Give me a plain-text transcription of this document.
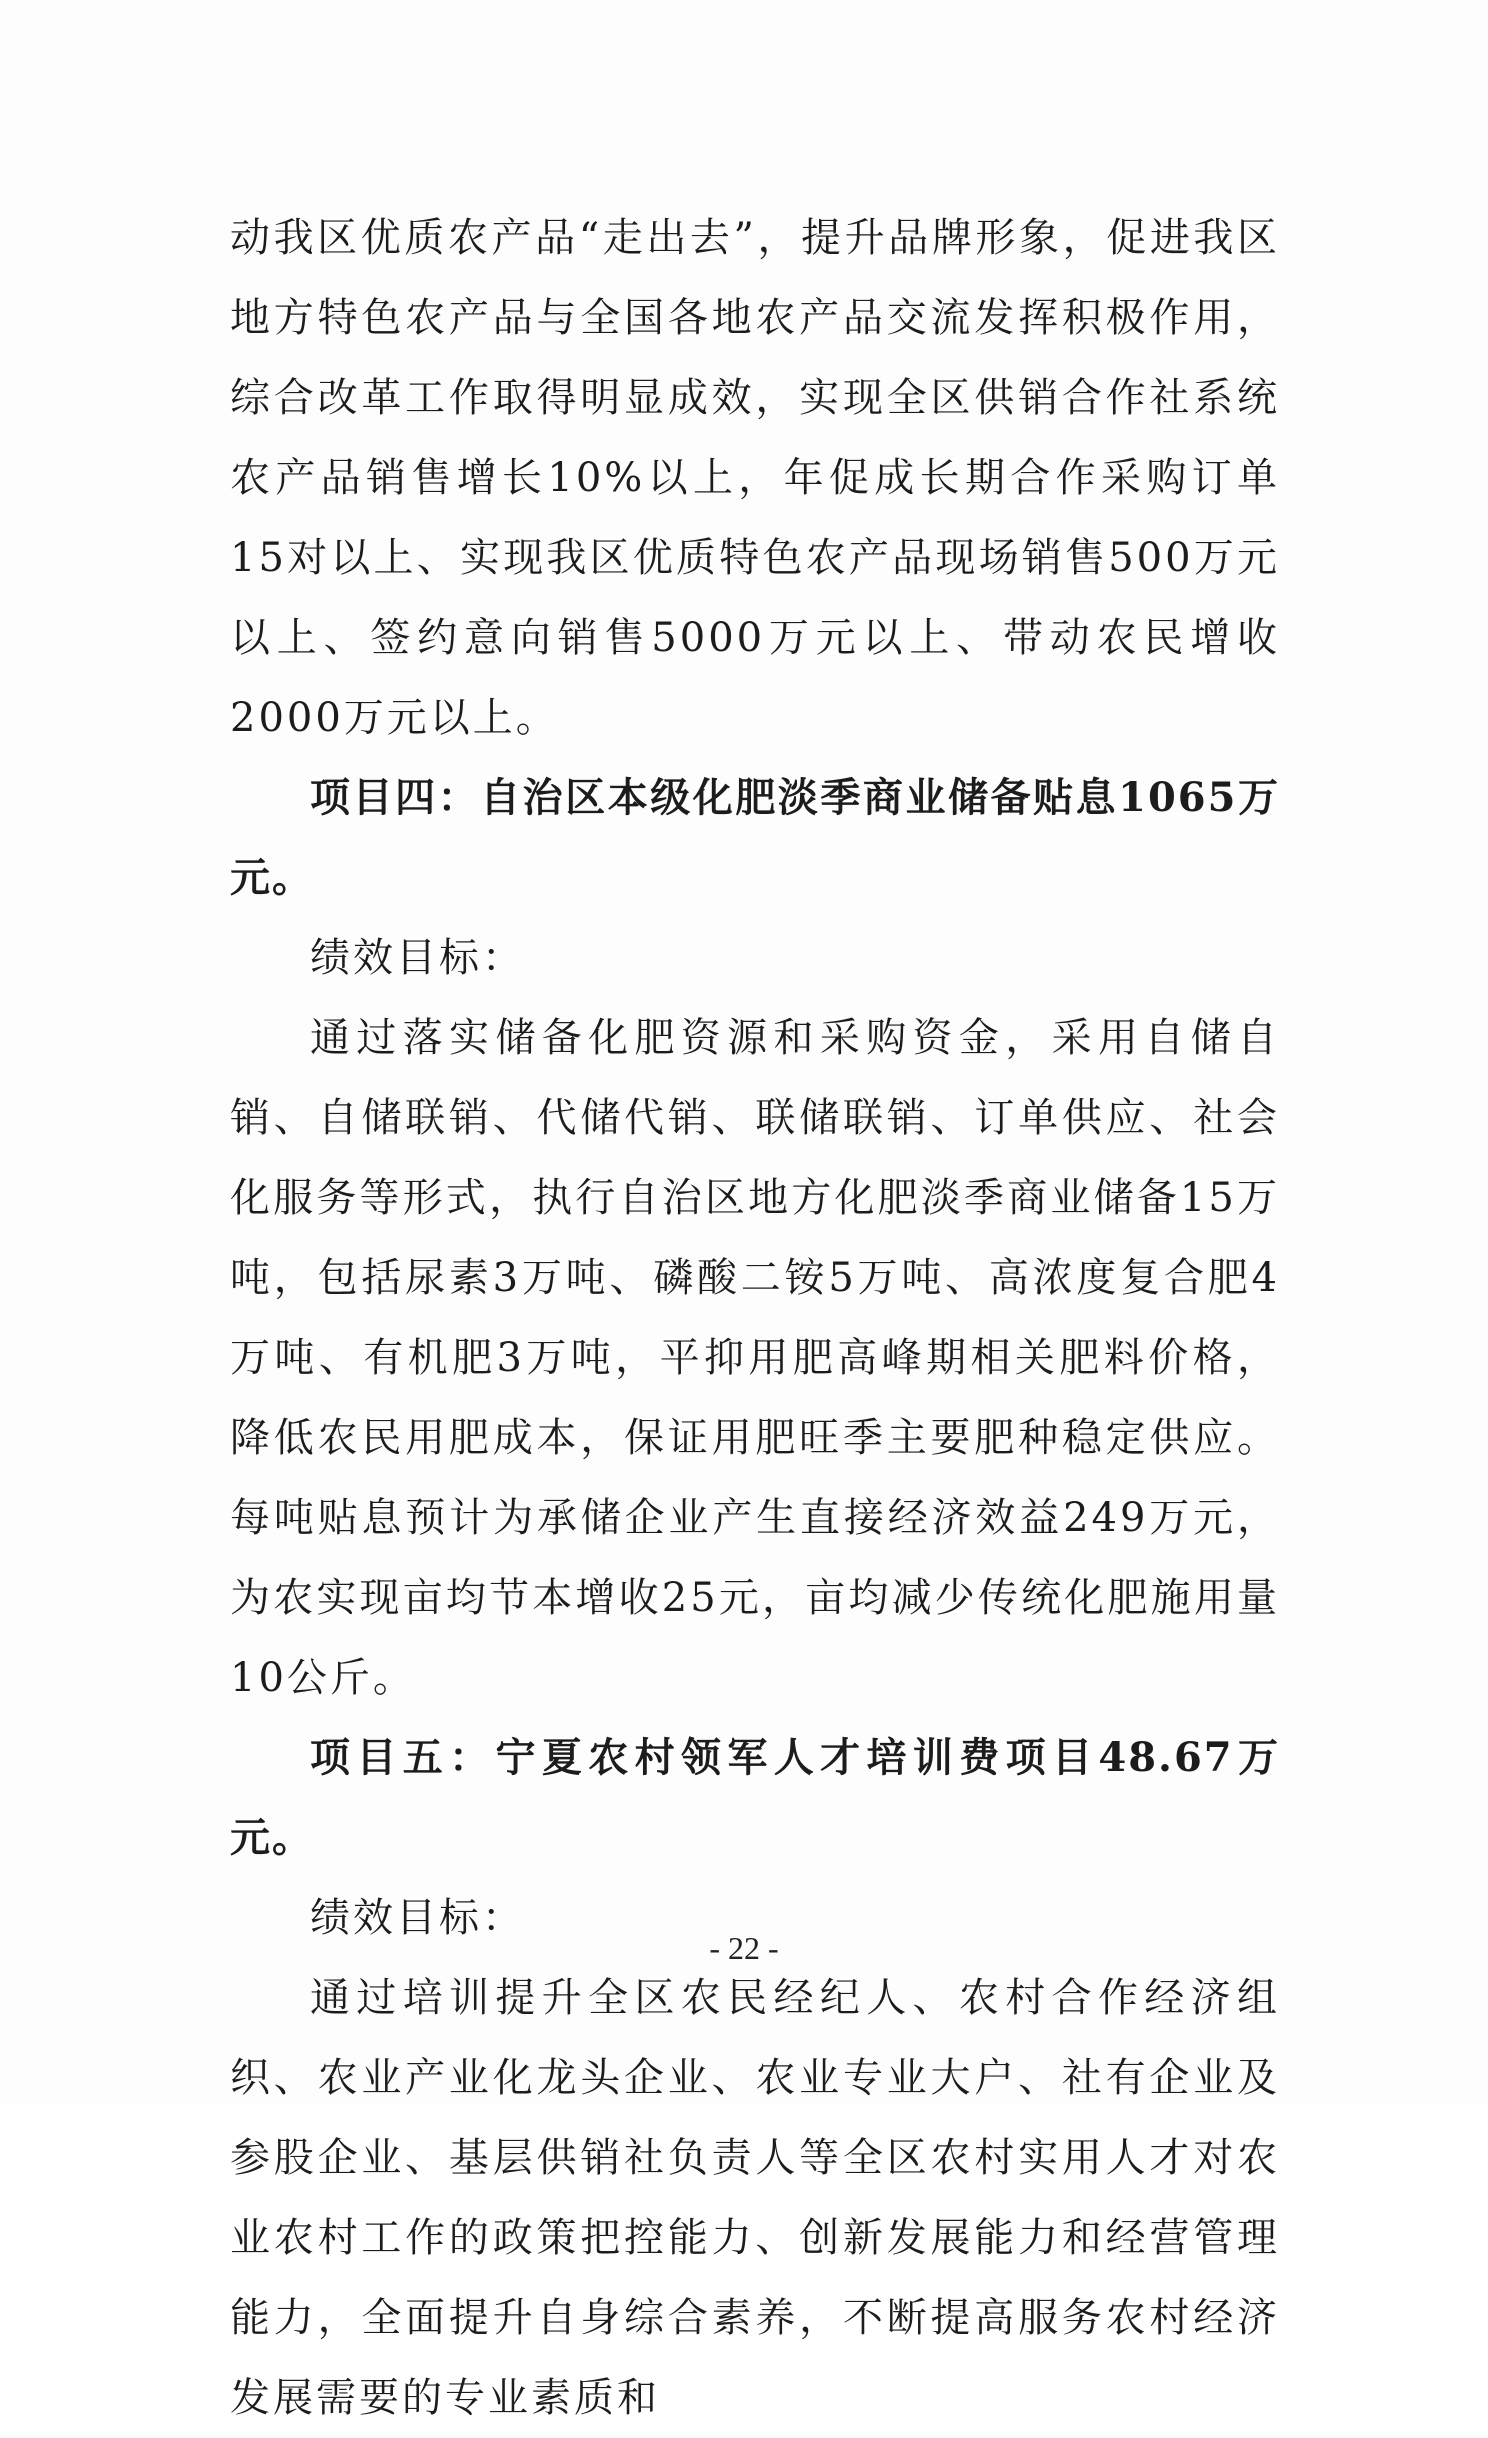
动我区优质农产品“走出去”，提升品牌形象，促进我区地方特色农产品与全国各地农产品交流发挥积极作用，综合改革工作取得明显成效，实现全区供销合作社系统农产品销售增长10%以上，年促成长期合作采购订单15对以上、实现我区优质特色农产品现场销售500万元以上、签约意向销售5000万元以上、带动农民增收2000万元以上。

项目四：自治区本级化肥淡季商业储备贴息1065万元。

绩效目标：

通过落实储备化肥资源和采购资金，采用自储自销、自储联销、代储代销、联储联销、订单供应、社会化服务等形式，执行自治区地方化肥淡季商业储备15万吨，包括尿素3万吨、磷酸二铵5万吨、高浓度复合肥4万吨、有机肥3万吨，平抑用肥高峰期相关肥料价格，降低农民用肥成本，保证用肥旺季主要肥种稳定供应。每吨贴息预计为承储企业产生直接经济效益249万元，为农实现亩均节本增收25元，亩均减少传统化肥施用量10公斤。

项目五：宁夏农村领军人才培训费项目48.67万元。

绩效目标：

通过培训提升全区农民经纪人、农村合作经济组织、农业产业化龙头企业、农业专业大户、社有企业及参股企业、基层供销社负责人等全区农村实用人才对农业农村工作的政策把控能力、创新发展能力和经营管理能力，全面提升自身综合素养，不断提高服务农村经济发展需要的专业素质和

- 22 -
